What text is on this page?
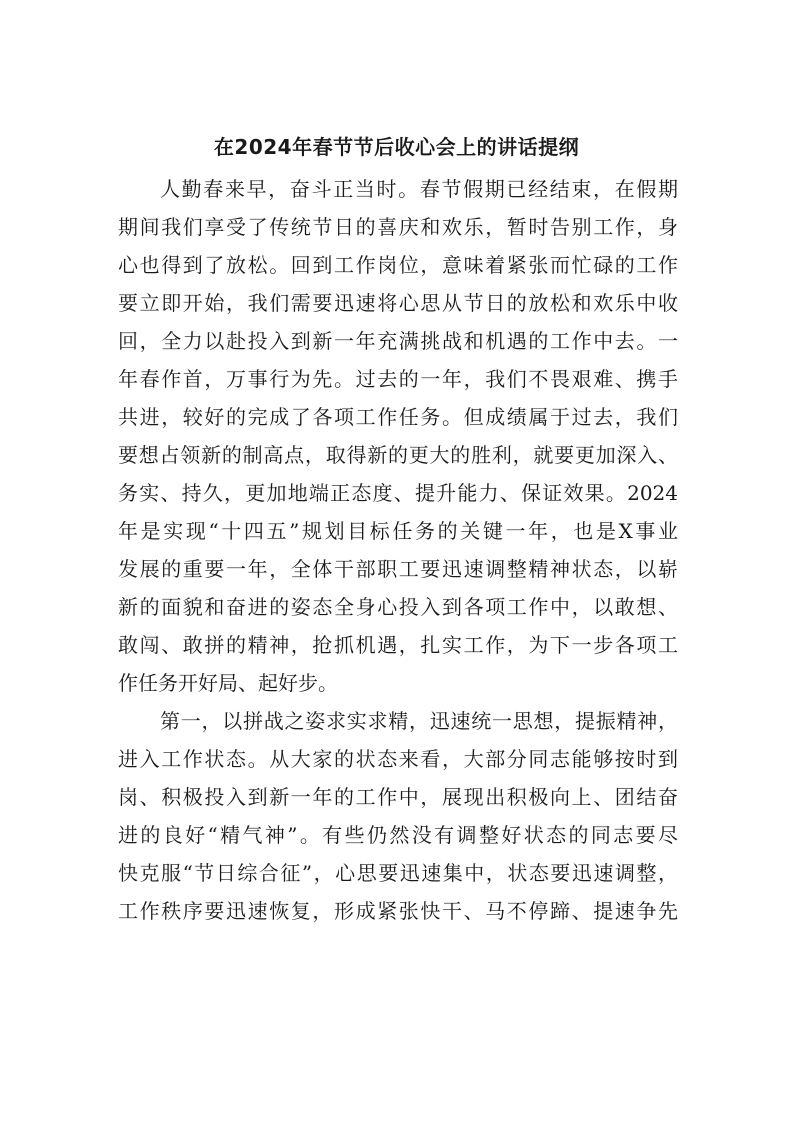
在2024年春节节后收心会上的讲话提纲
人勤春来早，奋斗正当时。春节假期已经结束，在假期
期间我们享受了传统节日的喜庆和欢乐，暂时告别工作，身
心也得到了放松。回到工作岗位，意味着紧张而忙碌的工作
要立即开始，我们需要迅速将心思从节日的放松和欢乐中收
回，全力以赴投入到新一年充满挑战和机遇的工作中去。一
年春作首，万事行为先。过去的一年，我们不畏艰难、携手
共进，较好的完成了各项工作任务。但成绩属于过去，我们
要想占领新的制高点，取得新的更大的胜利，就要更加深入、
务实、持久，更加地端正态度、提升能力、保证效果。2024
年是实现“十四五”规划目标任务的关键一年，也是X事业
发展的重要一年，全体干部职工要迅速调整精神状态，以崭
新的面貌和奋进的姿态全身心投入到各项工作中，以敢想、
敢闯、敢拼的精神，抢抓机遇，扎实工作，为下一步各项工
作任务开好局、起好步。
第一，以拼战之姿求实求精，迅速统一思想，提振精神，
进入工作状态。从大家的状态来看，大部分同志能够按时到
岗、积极投入到新一年的工作中，展现出积极向上、团结奋
进的良好“精气神”。有些仍然没有调整好状态的同志要尽
快克服“节日综合征”，心思要迅速集中，状态要迅速调整，
工作秩序要迅速恢复，形成紧张快干、马不停蹄、提速争先
